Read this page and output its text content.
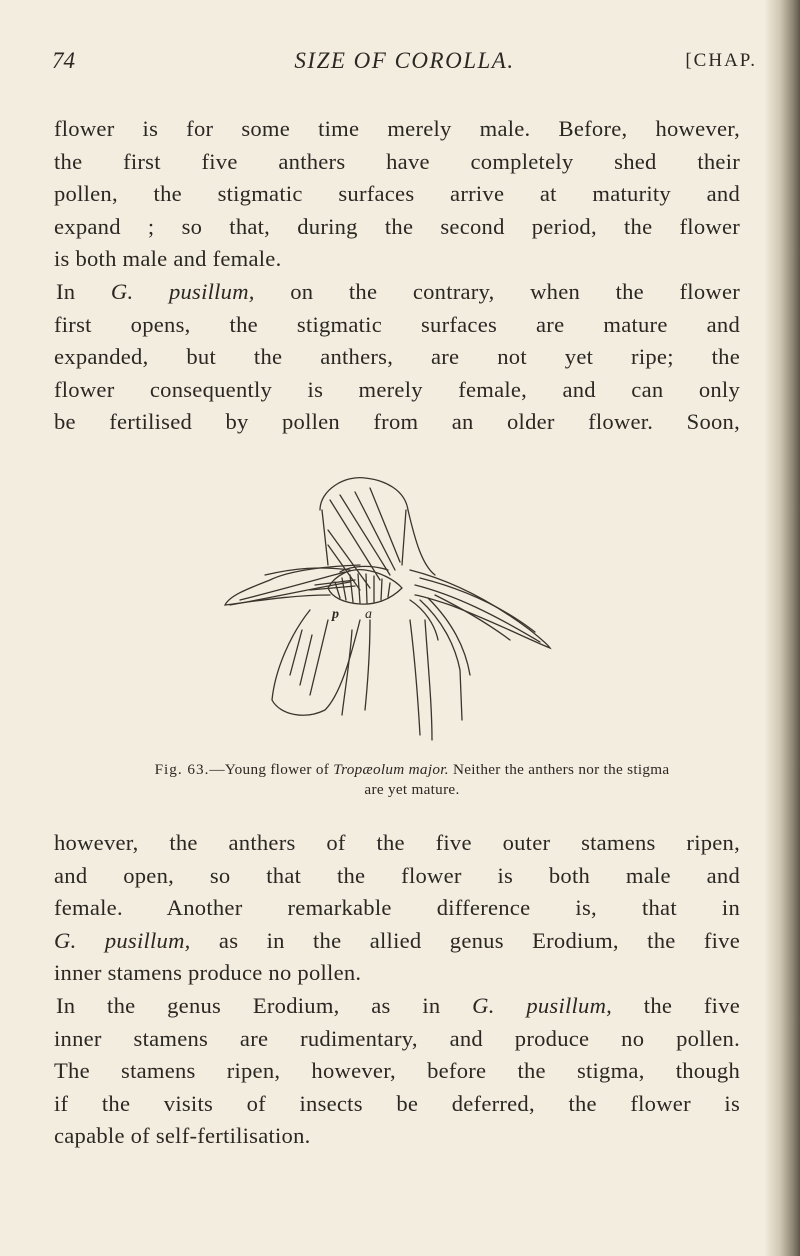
74	SIZE OF COROLLA.	[CHAP.

flower is for some time merely male. Before, however,

the first five anthers have completely shed their

pollen, the stigmatic surfaces arrive at maturity and

expand ; so that, during the second period, the flower

is both male and female.

In G. pusillum, on the contrary, when the flower

first opens, the stigmatic surfaces are mature and

expanded, but the anthers, are not yet ripe; the

flower consequently is merely female, and can only

be fertilised by pollen from an older flower. Soon,

p a
Fig. 63.—Young flower of Tropæolum major. Neither the anthers nor the stigma
are yet mature.

however, the anthers of the five outer stamens ripen,

and open, so that the flower is both male and

female. Another remarkable difference is, that in

G. pusillum, as in the allied genus Erodium, the five

inner stamens produce no pollen.

In the genus Erodium, as in G. pusillum, the five

inner stamens are rudimentary, and produce no pollen.

The stamens ripen, however, before the stigma, though

if the visits of insects be deferred, the flower is

capable of self-fertilisation.
